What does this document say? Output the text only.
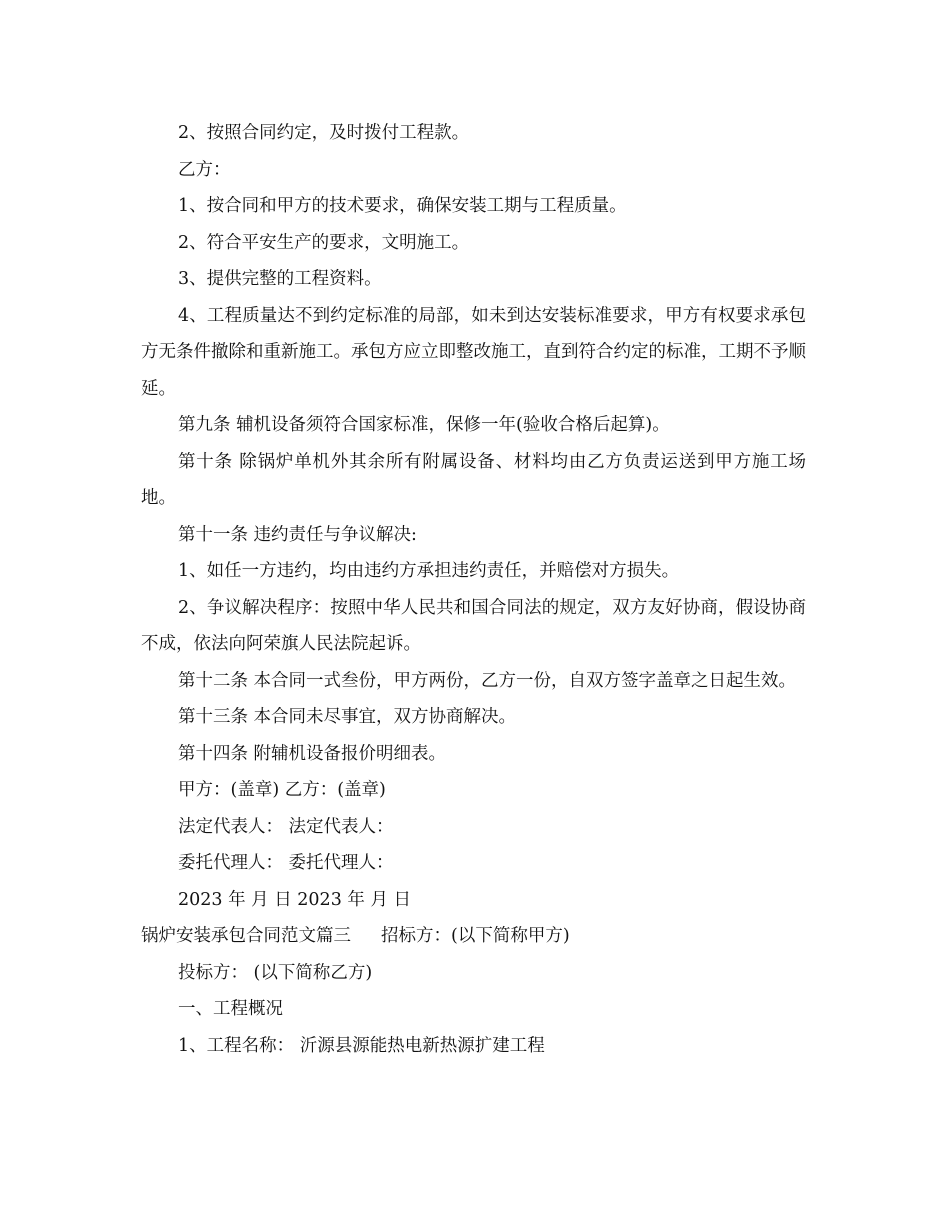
2、按照合同约定，及时拨付工程款。

乙方：

1、按合同和甲方的技术要求，确保安装工期与工程质量。

2、符合平安生产的要求，文明施工。

3、提供完整的工程资料。

4、工程质量达不到约定标准的局部，如未到达安装标准要求，甲方有权要求承包方无条件撤除和重新施工。承包方应立即整改施工，直到符合约定的标准，工期不予顺延。

第九条 辅机设备须符合国家标准，保修一年(验收合格后起算)。

第十条 除锅炉单机外其余所有附属设备、材料均由乙方负责运送到甲方施工场地。

第十一条 违约责任与争议解决:

1、如任一方违约，均由违约方承担违约责任，并赔偿对方损失。

2、争议解决程序：按照中华人民共和国合同法的规定，双方友好协商，假设协商不成，依法向阿荣旗人民法院起诉。

第十二条 本合同一式叁份，甲方两份，乙方一份，自双方签字盖章之日起生效。

第十三条 本合同未尽事宜，双方协商解决。

第十四条 附辅机设备报价明细表。

甲方：(盖章) 乙方：(盖章)

法定代表人： 法定代表人：

委托代理人： 委托代理人：

2023 年 月 日 2023 年 月 日

锅炉安装承包合同范文篇三 招标方：(以下简称甲方)

投标方： (以下简称乙方)

一、工程概况

1、工程名称： 沂源县源能热电新热源扩建工程
